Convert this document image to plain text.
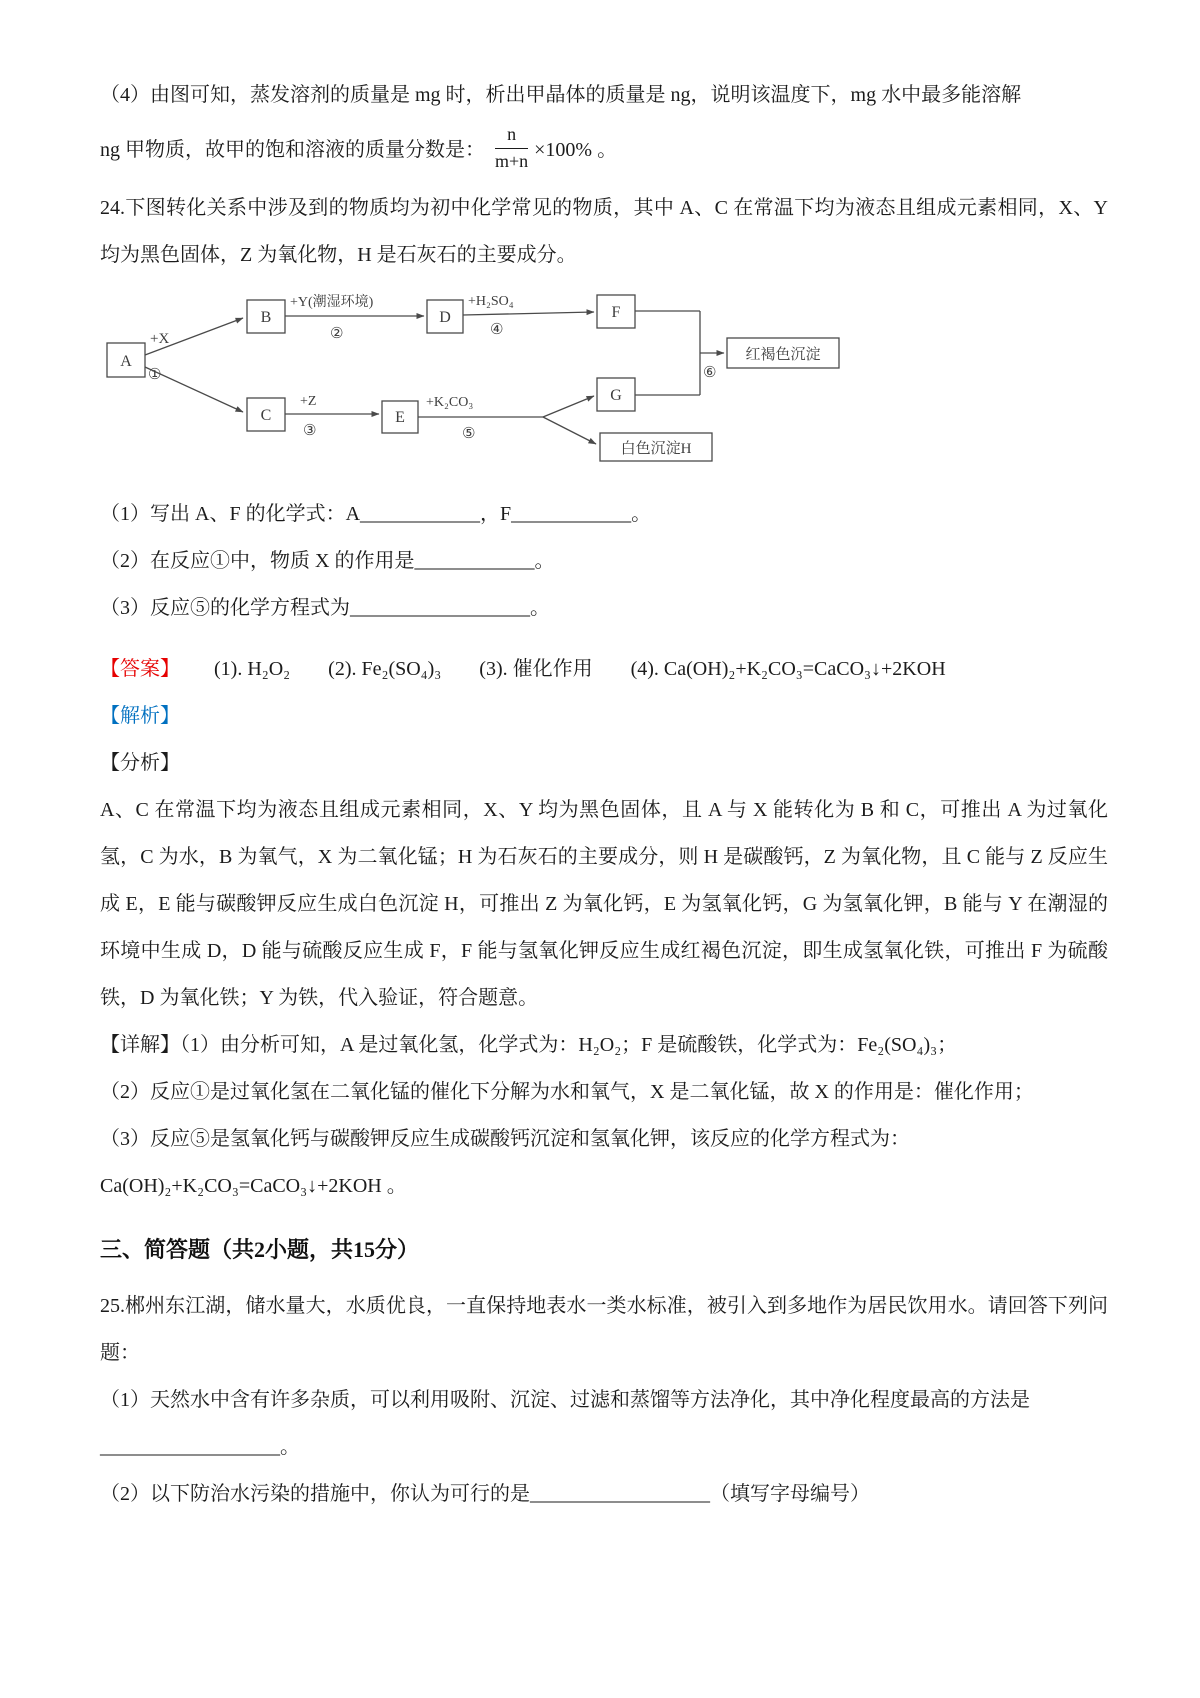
（4）由图可知，蒸发溶剂的质量是 mg 时，析出甲晶体的质量是 ng，说明该温度下，mg 水中最多能溶解

ng 甲物质，故甲的饱和溶液的质量分数是： $\frac{n}{m+n} \times 100\%$ 。

24.下图转化关系中涉及到的物质均为初中化学常见的物质，其中 A、C 在常温下均为液态且组成元素相同，X、Y 均为黑色固体，Z 为氧化物，H 是石灰石的主要成分。

A
B
C
D
E
F
G
白色沉淀H
红褐色沉淀
+X
①
+Y(潮湿环境)
②
+H₂SO₄
④
+Z
③
+K₂CO₃
⑤
⑥

（1）写出 A、F 的化学式：A____________，F____________。

（2）在反应①中，物质 X 的作用是____________。

（3）反应⑤的化学方程式为__________________。

【答案】 (1). H₂O₂ (2). Fe₂(SO₄)₃ (3). 催化作用 (4). Ca(OH)₂+K₂CO₃=CaCO₃↓+2KOH

【解析】

【分析】

A、C 在常温下均为液态且组成元素相同，X、Y 均为黑色固体，且 A 与 X 能转化为 B 和 C，可推出 A 为过氧化氢，C 为水，B 为氧气，X 为二氧化锰；H 为石灰石的主要成分，则 H 是碳酸钙，Z 为氧化物，且 C 能与 Z 反应生成 E，E 能与碳酸钾反应生成白色沉淀 H，可推出 Z 为氧化钙，E 为氢氧化钙，G 为氢氧化钾，B 能与 Y 在潮湿的环境中生成 D，D 能与硫酸反应生成 F，F 能与氢氧化钾反应生成红褐色沉淀，即生成氢氧化铁，可推出 F 为硫酸铁，D 为氧化铁；Y 为铁，代入验证，符合题意。

【详解】（1）由分析可知，A 是过氧化氢，化学式为：H₂O₂；F 是硫酸铁，化学式为：Fe₂(SO₄)₃；

（2）反应①是过氧化氢在二氧化锰的催化下分解为水和氧气，X 是二氧化锰，故 X 的作用是：催化作用；

（3）反应⑤是氢氧化钙与碳酸钾反应生成碳酸钙沉淀和氢氧化钾，该反应的化学方程式为：

Ca(OH)₂+K₂CO₃=CaCO₃↓+2KOH 。

三、简答题（共2小题，共15分）

25.郴州东江湖，储水量大，水质优良，一直保持地表水一类水标准，被引入到多地作为居民饮用水。请回答下列问题：

（1）天然水中含有许多杂质，可以利用吸附、沉淀、过滤和蒸馏等方法净化，其中净化程度最高的方法是

__________________。

（2）以下防治水污染的措施中，你认为可行的是__________________（填写字母编号）
